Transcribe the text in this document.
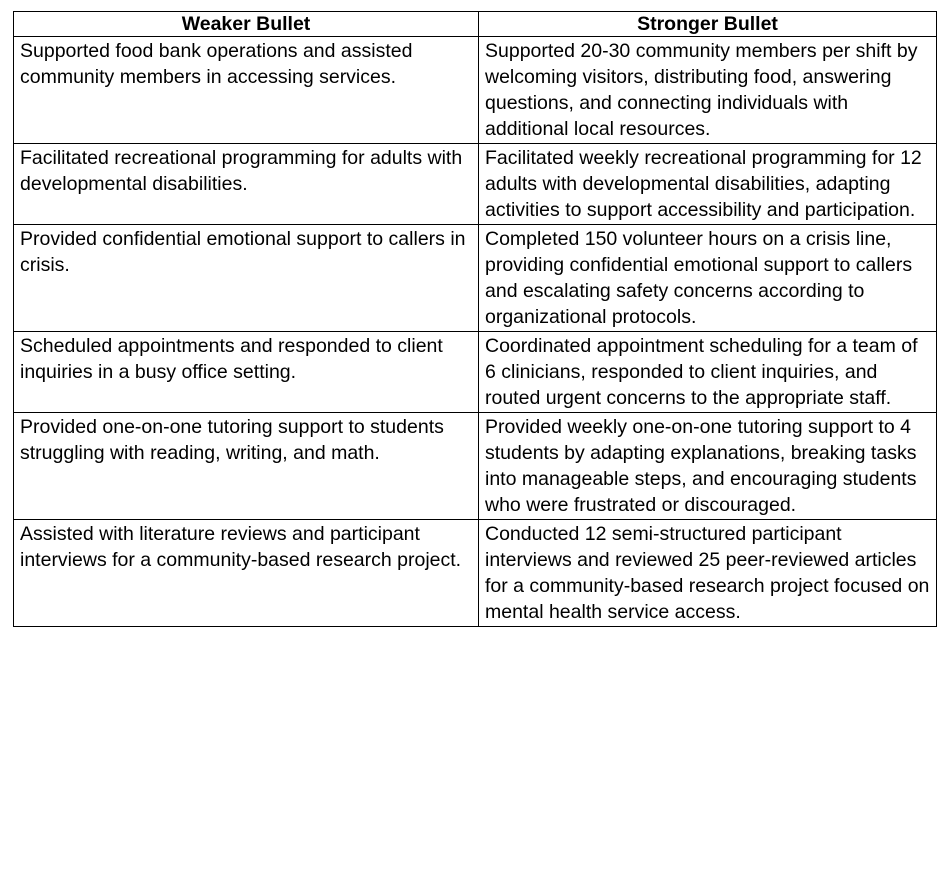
Weaker Bullet	Stronger Bullet
Supported food bank operations and assisted community members in accessing services.	Supported 20-30 community members per shift by welcoming visitors, distributing food, answering questions, and connecting individuals with additional local resources.
Facilitated recreational programming for adults with developmental disabilities.	Facilitated weekly recreational programming for 12 adults with developmental disabilities, adapting activities to support accessibility and participation.
Provided confidential emotional support to callers in crisis.	Completed 150 volunteer hours on a crisis line, providing confidential emotional support to callers and escalating safety concerns according to organizational protocols.
Scheduled appointments and responded to client inquiries in a busy office setting.	Coordinated appointment scheduling for a team of 6 clinicians, responded to client inquiries, and routed urgent concerns to the appropriate staff.
Provided one-on-one tutoring support to students struggling with reading, writing, and math.	Provided weekly one-on-one tutoring support to 4 students by adapting explanations, breaking tasks into manageable steps, and encouraging students who were frustrated or discouraged.
Assisted with literature reviews and participant interviews for a community-based research project.	Conducted 12 semi-structured participant interviews and reviewed 25 peer-reviewed articles for a community-based research project focused on mental health service access.
